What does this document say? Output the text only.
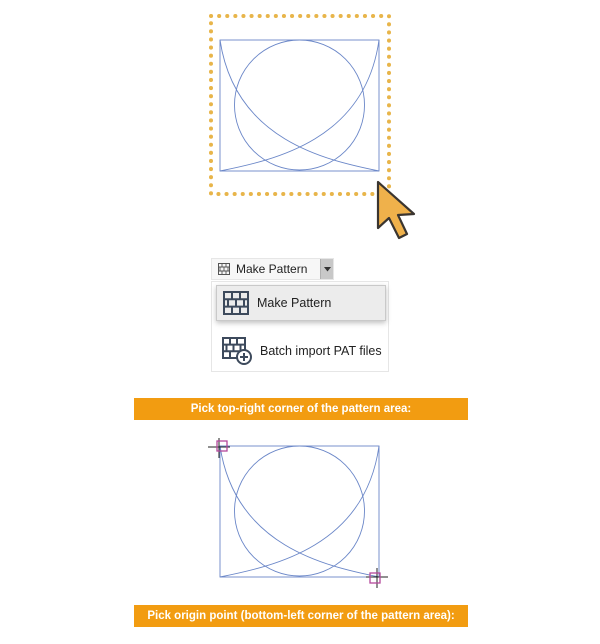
Make Pattern
Make Pattern
Batch import PAT files
Pick top-right corner of the pattern area:
Pick origin point (bottom-left corner of the pattern area):
